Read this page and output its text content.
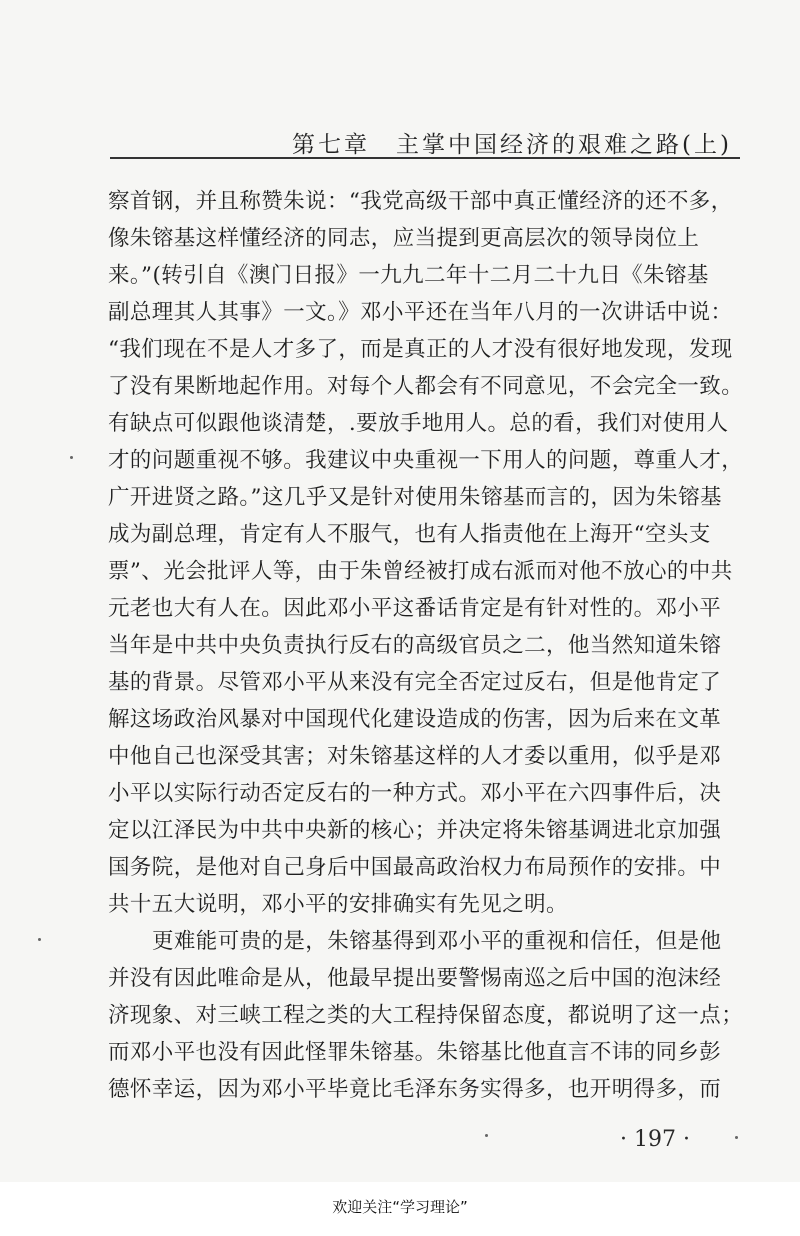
第七章　主掌中国经济的艰难之路(上)
察首钢，并且称赞朱说：“我党高级干部中真正懂经济的还不多，
像朱镕基这样懂经济的同志，应当提到更高层次的领导岗位上
来。”(转引自《澳门日报》一九九二年十二月二十九日《朱镕基
副总理其人其事》一文。》邓小平还在当年八月的一次讲话中说：
“我们现在不是人才多了，而是真正的人才没有很好地发现，发现
了没有果断地起作用。对每个人都会有不同意见，不会完全一致。
有缺点可似跟他谈清楚，.要放手地用人。总的看，我们对使用人
才的问题重视不够。我建议中央重视一下用人的问题，尊重人才，
广开进贤之路。”这几乎又是针对使用朱镕基而言的，因为朱镕基
成为副总理，肯定有人不服气，也有人指责他在上海开“空头支
票”、光会批评人等，由于朱曾经被打成右派而对他不放心的中共
元老也大有人在。因此邓小平这番话肯定是有针对性的。邓小平
当年是中共中央负责执行反右的高级官员之二，他当然知道朱镕
基的背景。尽管邓小平从来没有完全否定过反右，但是他肯定了
解这场政治风暴对中国现代化建设造成的伤害，因为后来在文革
中他自己也深受其害；对朱镕基这样的人才委以重用，似乎是邓
小平以实际行动否定反右的一种方式。邓小平在六四事件后，决
定以江泽民为中共中央新的核心；并决定将朱镕基调进北京加强
国务院，是他对自己身后中国最高政治权力布局预作的安排。中
共十五大说明，邓小平的安排确实有先见之明。
更难能可贵的是，朱镕基得到邓小平的重视和信任，但是他
并没有因此唯命是从，他最早提出要警惕南巡之后中国的泡沫经
济现象、对三峡工程之类的大工程持保留态度，都说明了这一点；
而邓小平也没有因此怪罪朱镕基。朱镕基比他直言不讳的同乡彭
德怀幸运，因为邓小平毕竟比毛泽东务实得多，也开明得多，而
· 197 ·
欢迎关注“学习理论”
